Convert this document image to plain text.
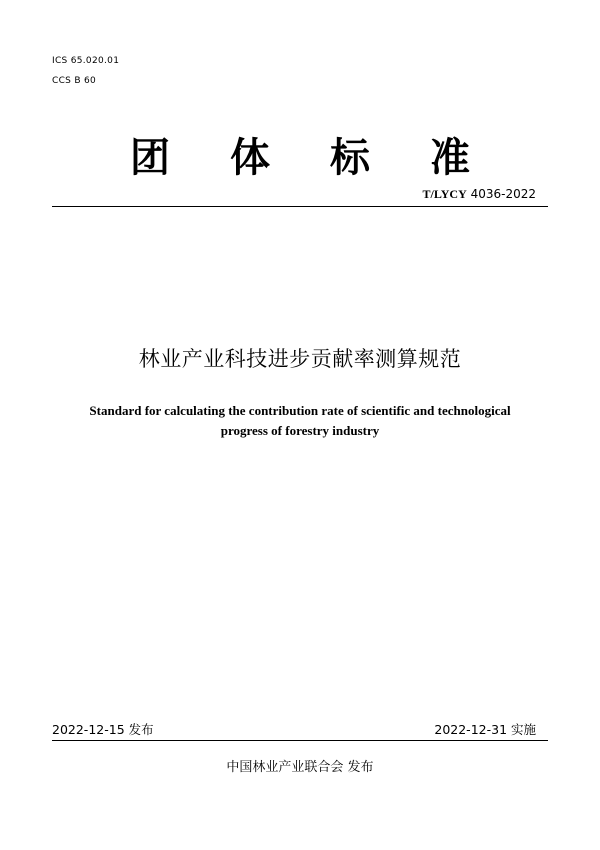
ICS 65.020.01
CCS B 60
团 体 标 准
T/LYCY 4036-2022
林业产业科技进步贡献率测算规范
Standard for calculating the contribution rate of scientific and technological
progress of forestry industry
2022-12-15 发布	2022-12-31 实施
中国林业产业联合会 发布
